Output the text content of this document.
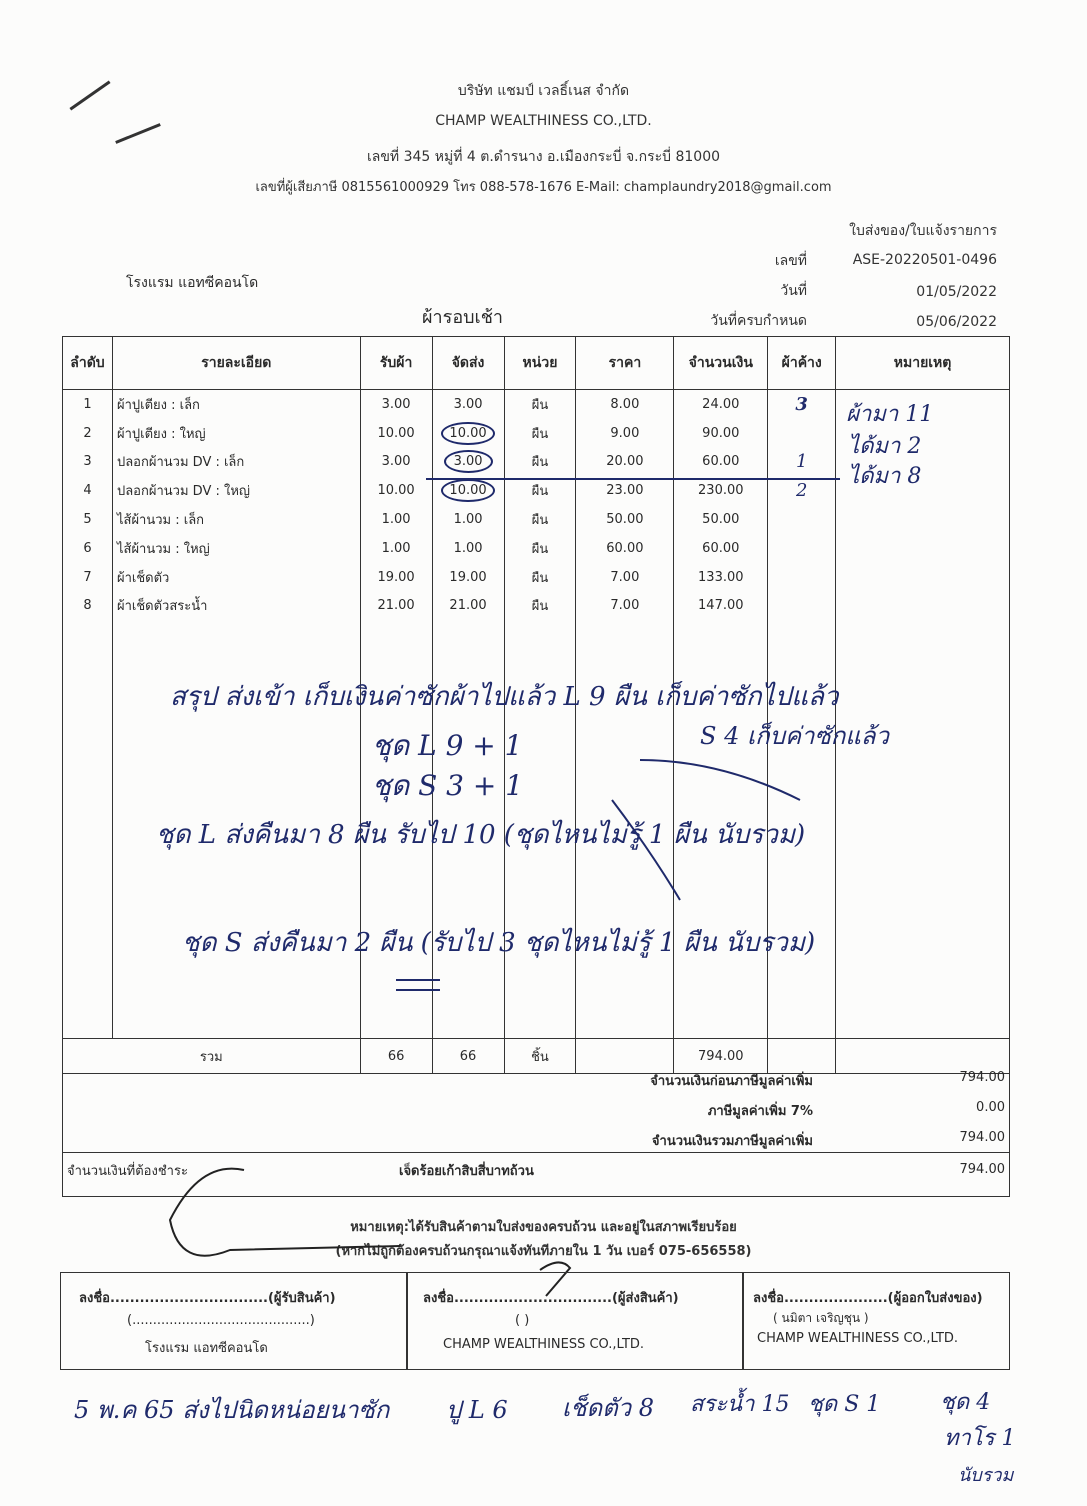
บริษัท แชมป์ เวลธิ์เนส จำกัด
CHAMP WEALTHINESS CO.,LTD.
เลขที่ 345 หมู่ที่ 4 ต.ดำรนาง อ.เมืองกระบี่ จ.กระบี่ 81000
เลขที่ผู้เสียภาษี 0815561000929 โทร 088-578-1676 E-Mail: champlaundry2018@gmail.com
ใบส่งของ/ใบแจ้งรายการ
โรงแรม แอทซีคอนโด
ผ้ารอบเช้า
เลขที่	ASE-20220501-0496
วันที่	01/05/2022
วันที่ครบกำหนด	05/06/2022
ลำดับ	รายละเอียด	รับผ้า	จัดส่ง	หน่วย	ราคา	จำนวนเงิน	ผ้าค้าง	หมายเหตุ
1	ผ้าปูเตียง : เล็ก	3.00	3.00	ผืน	8.00	24.00	3	ผ้ามา 11
ได้มา 2
ได้มา 8

2	ผ้าปูเตียง : ใหญ่	10.00	10.00	ผืน	9.00	90.00		
3	ปลอกผ้านวม DV : เล็ก	3.00	3.00	ผืน	20.00	60.00	1	
4	ปลอกผ้านวม DV : ใหญ่	10.00	10.00	ผืน	23.00	230.00	2	
5	ไส้ผ้านวม : เล็ก	1.00	1.00	ผืน	50.00	50.00		
6	ไส้ผ้านวม : ใหญ่	1.00	1.00	ผืน	60.00	60.00		
7	ผ้าเช็ดตัว	19.00	19.00	ผืน	7.00	133.00		
8	ผ้าเช็ดตัวสระน้ำ	21.00	21.00	ผืน	7.00	147.00		

รวม		66	66	ชิ้น		794.00		
สรุป ส่งเข้า เก็บเงินค่าซักผ้าไปแล้ว L 9 ผืน เก็บค่าซักไปแล้ว
S 4 เก็บค่าซักแล้ว
ชุด L 9 + 1
ชุด S 3 + 1
ชุด L ส่งคืนมา 8 ผืน รับไป 10 (ชุดไหนไม่รู้ 1 ผืน นับรวม)
ชุด S ส่งคืนมา 2 ผืน (รับไป 3 ชุดไหนไม่รู้ 1 ผืน นับรวม)
จำนวนเงินก่อนภาษีมูลค่าเพิ่ม	794.00
ภาษีมูลค่าเพิ่ม 7%	0.00
จำนวนเงินรวมภาษีมูลค่าเพิ่ม	794.00
จำนวนเงินที่ต้องชำระ	เจ็ดร้อยเก้าสิบสี่บาทถ้วน	794.00
หมายเหตุ:ได้รับสินค้าตามใบส่งของครบถ้วน และอยู่ในสภาพเรียบร้อย
(หากไม่ถูกต้องครบถ้วนกรุณาแจ้งทันทีภายใน 1 วัน เบอร์ 075-656558)
ลงชื่อ................................(ผู้รับสินค้า)
(...........................................)
โรงแรม แอทซีคอนโด
ลงชื่อ................................(ผู้ส่งสินค้า)
( )
CHAMP WEALTHINESS CO.,LTD.
ลงชื่อ.....................(ผู้ออกใบส่งของ)
( นมิตา เจริญชุน )
CHAMP WEALTHINESS CO.,LTD.
5 พ.ค 65 ส่งไปนิดหน่อยนาซัก ปู L 6 เช็ดตัว 8 สระน้ำ 15 ชุด S 1	ชุด 4
ทาโร 1
นับรวม
